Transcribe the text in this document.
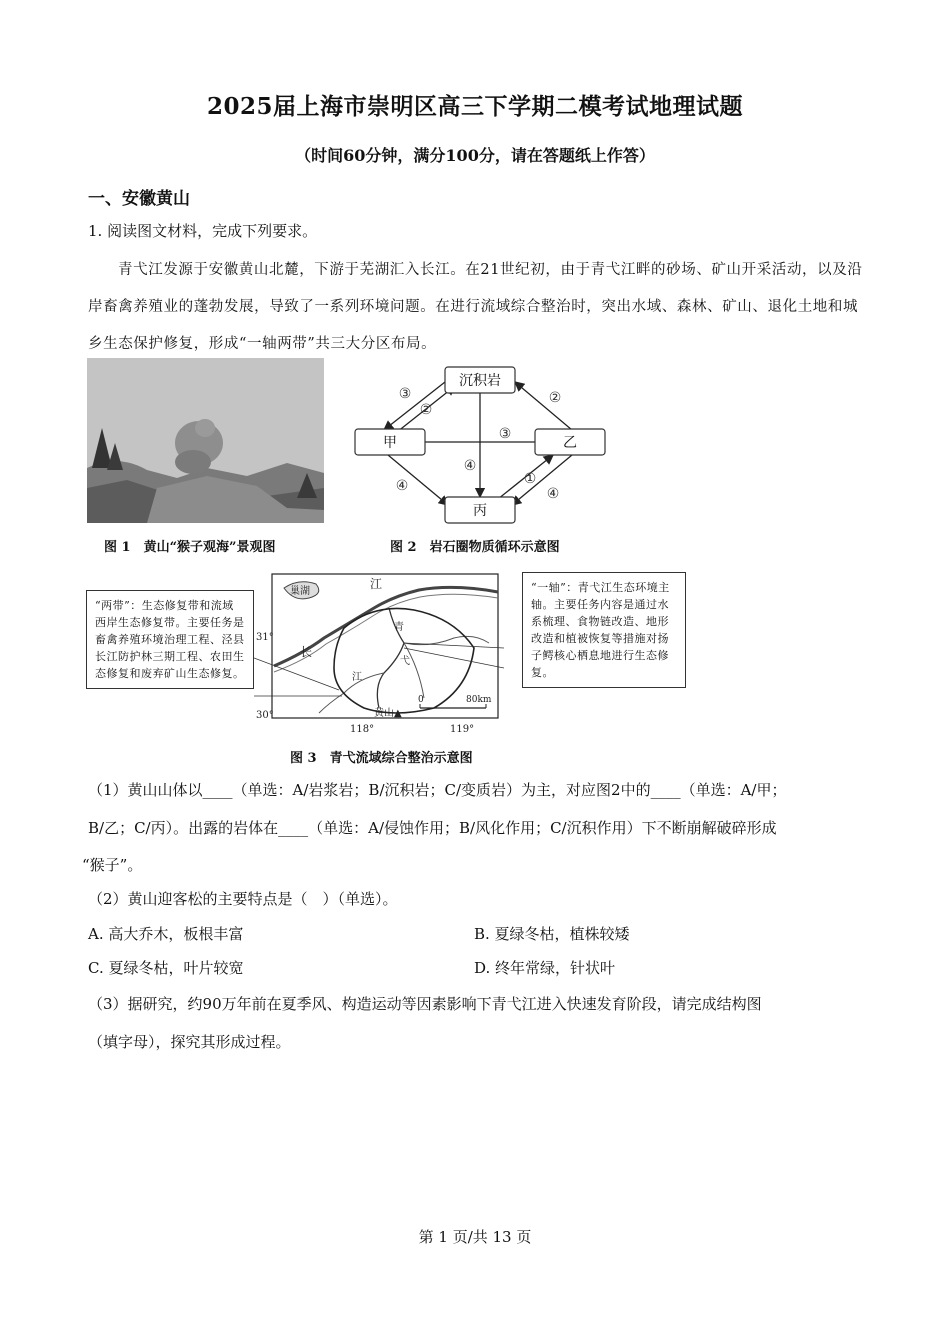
2025届上海市崇明区高三下学期二模考试地理试题
（时间60分钟，满分100分，请在答题纸上作答）
一、安徽黄山
1. 阅读图文材料，完成下列要求。
青弋江发源于安徽黄山北麓，下游于芜湖汇入长江。在21世纪初，由于青弋江畔的砂场、矿山开采活动，以及沿岸畜禽养殖业的蓬勃发展，导致了一系列环境问题。在进行流域综合整治时，突出水域、森林、矿山、退化土地和城乡生态保护修复，形成“一轴两带”共三大分区布局。
图 1　黄山“猴子观海”景观图
沉积岩
甲	乙
丙
③
②
②
③
④
④	①
④
图 2　岩石圈物质循环示意图
“两带”：生态修复带和流域西岸生态修复带。主要任务是畜禽养殖环境治理工程、泾县长江防护林三期工程、农田生态修复和废弃矿山生态修复。
“一轴”：青弋江生态环境主轴。主要任务内容是通过水系梳理、食物链改造、地形改造和植被恢复等措施对扬子鳄核心栖息地进行生态修复。
巢湖
江
长
江
青
弋
黄山▲
31°
30°
118°	119°
0	80km
图 3　青弋流域综合整治示意图
（1）黄山山体以____（单选：A/岩浆岩；B/沉积岩；C/变质岩）为主，对应图2中的____（单选：A/甲；
B/乙；C/丙）。出露的岩体在____（单选：A/侵蚀作用；B/风化作用；C/沉积作用）下不断崩解破碎形成
“猴子”。
（2）黄山迎客松的主要特点是（　）（单选）。
A. 高大乔木，板根丰富	B. 夏绿冬枯，植株较矮
C. 夏绿冬枯，叶片较宽	D. 终年常绿，针状叶
（3）据研究，约90万年前在夏季风、构造运动等因素影响下青弋江进入快速发育阶段，请完成结构图
（填字母），探究其形成过程。
第 1 页/共 13 页
